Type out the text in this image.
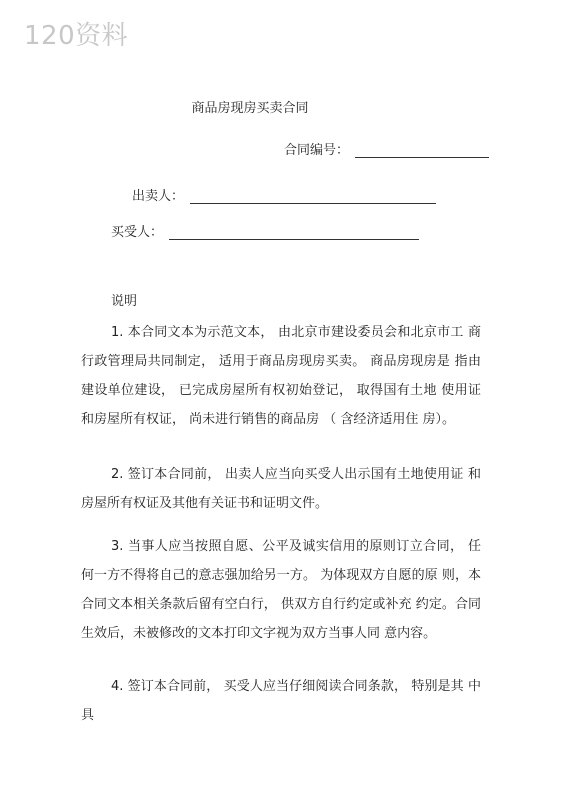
120资料
商品房现房买卖合同
合同编号：
出卖人：
买受人：
说明

1. 本合同文本为示范文本， 由北京市建设委员会和北京市工 商行政管理局共同制定， 适用于商品房现房买卖。 商品房现房是 指由建设单位建设， 已完成房屋所有权初始登记， 取得国有土地 使用证和房屋所有权证， 尚未进行销售的商品房 （ 含经济适用住 房）。

2. 签订本合同前， 出卖人应当向买受人出示国有土地使用证 和房屋所有权证及其他有关证书和证明文件。

3. 当事人应当按照自愿、公平及诚实信用的原则订立合同， 任何一方不得将自己的意志强加给另一方。 为体现双方自愿的原 则，本合同文本相关条款后留有空白行， 供双方自行约定或补充 约定。合同生效后，未被修改的文本打印文字视为双方当事人同 意内容。

4. 签订本合同前， 买受人应当仔细阅读合同条款， 特别是其 中具
